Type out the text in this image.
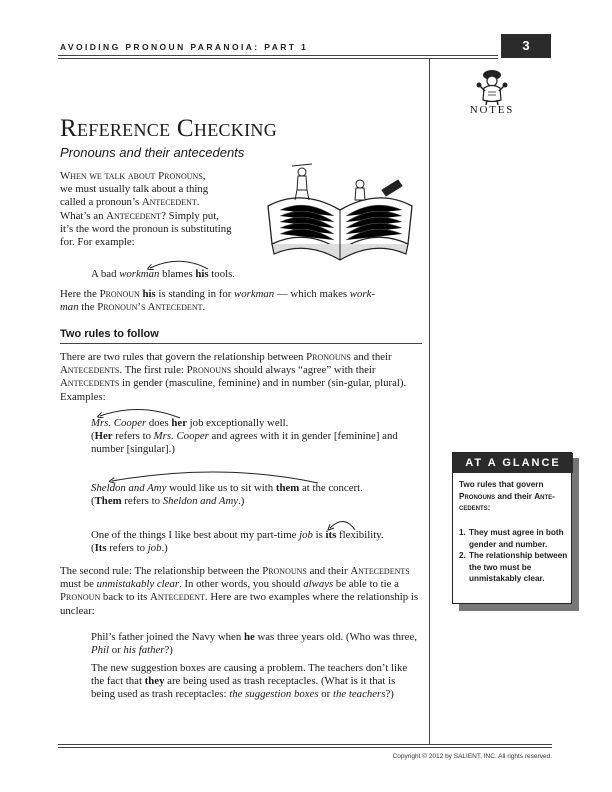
AVOIDING PRONOUN PARANOIA: PART 1	3
NOTES
Reference Checking
Pronouns and their antecedents
When we talk about Pronouns,
we must usually talk about a thing
called a pronoun’s Antecedent.
What’s an Antecedent? Simply put,
it’s the word the pronoun is substituting
for. For example:
A bad workman blames his tools.
Here the Pronoun his is standing in for workman — which makes work-
man the Pronoun’s Antecedent.
Two rules to follow
There are two rules that govern the relationship between Pronouns and their Antecedents. The first rule: Pronouns should always “agree” with their Antecedents in gender (masculine, feminine) and in number (sin-gular, plural). Examples:
Mrs. Cooper does her job exceptionally well.
(Her refers to Mrs. Cooper and agrees with it in gender [feminine] and number [singular].)
Sheldon and Amy would like us to sit with them at the concert.
(Them refers to Sheldon and Amy.)
One of the things I like best about my part-time job is its flexibility.
(Its refers to job.)
The second rule: The relationship between the Pronouns and their Antecedents must be unmistakably clear. In other words, you should always be able to tie a Pronoun back to its Antecedent. Here are two examples where the relationship is unclear:
Phil’s father joined the Navy when he was three years old. (Who was three, Phil or his father?)
The new suggestion boxes are causing a problem. The teachers don’t like the fact that they are being used as trash receptacles. (What is it that is being used as trash receptacles: the suggestion boxes or the teachers?)
AT A GLANCE
Two rules that govern
Pronouns and their Ante-
cedents:
1. They must agree in both gender and number.
2. The relationship between the two must be unmistakably clear.
Copyright © 2012 by SALIENT, INC. All rights reserved.
